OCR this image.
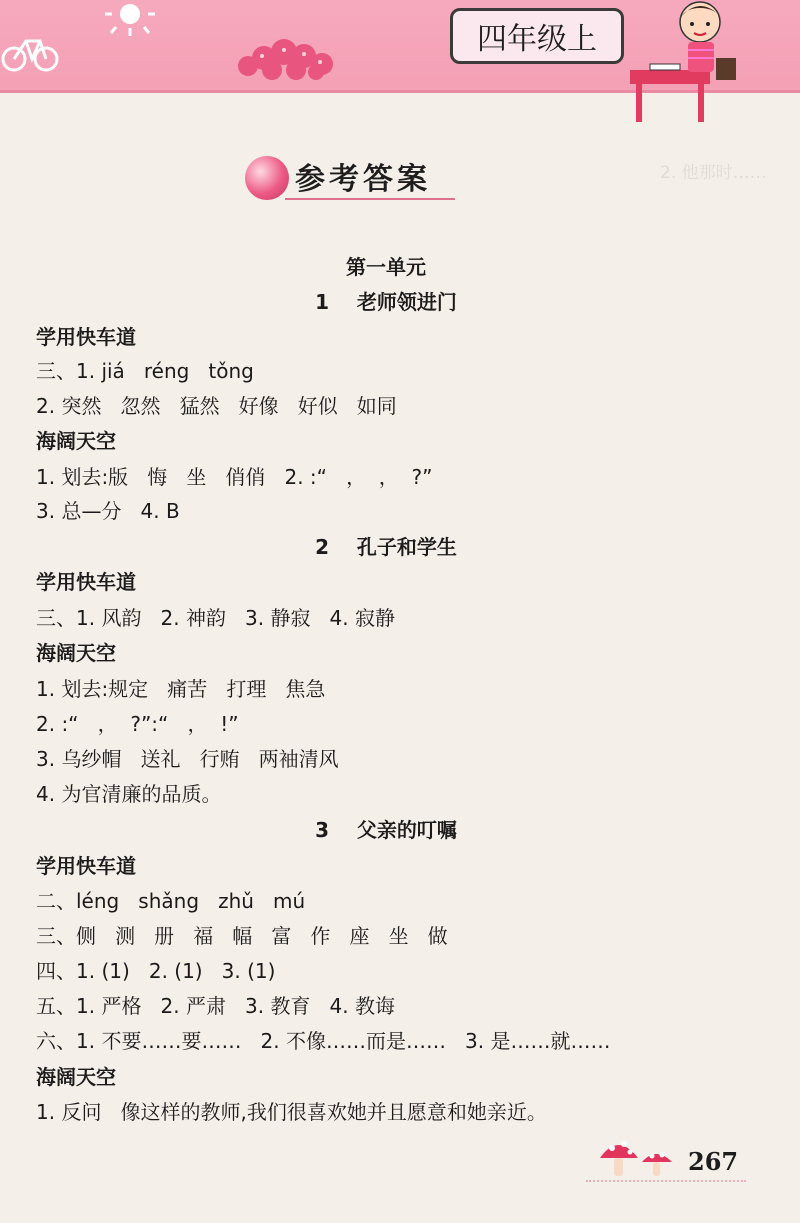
四年级上
参考答案	2. 他那时……
第一单元
1    老师领进门
学用快车道
三、1. jiá   réng   tǒng
2. 突然   忽然   猛然   好像   好似   如同
海阔天空
1. 划去:版   悔   坐   俏俏   2. :“   ，  ，  ?”
3. 总—分   4. B
2    孔子和学生
学用快车道
三、1. 风韵   2. 神韵   3. 静寂   4. 寂静
海阔天空
1. 划去:规定   痛苦   打理   焦急
2. :“   ，  ?”:“   ，  !”
3. 乌纱帽   送礼   行贿   两袖清风
4. 为官清廉的品质。
3    父亲的叮嘱
学用快车道
二、léng   shǎng   zhǔ   mú
三、侧   测   册   福   幅   富   作   座   坐   做
四、1. (1)   2. (1)   3. (1)
五、1. 严格   2. 严肃   3. 教育   4. 教诲
六、1. 不要……要……   2. 不像……而是……   3. 是……就……
海阔天空
1. 反问   像这样的教师,我们很喜欢她并且愿意和她亲近。
267
